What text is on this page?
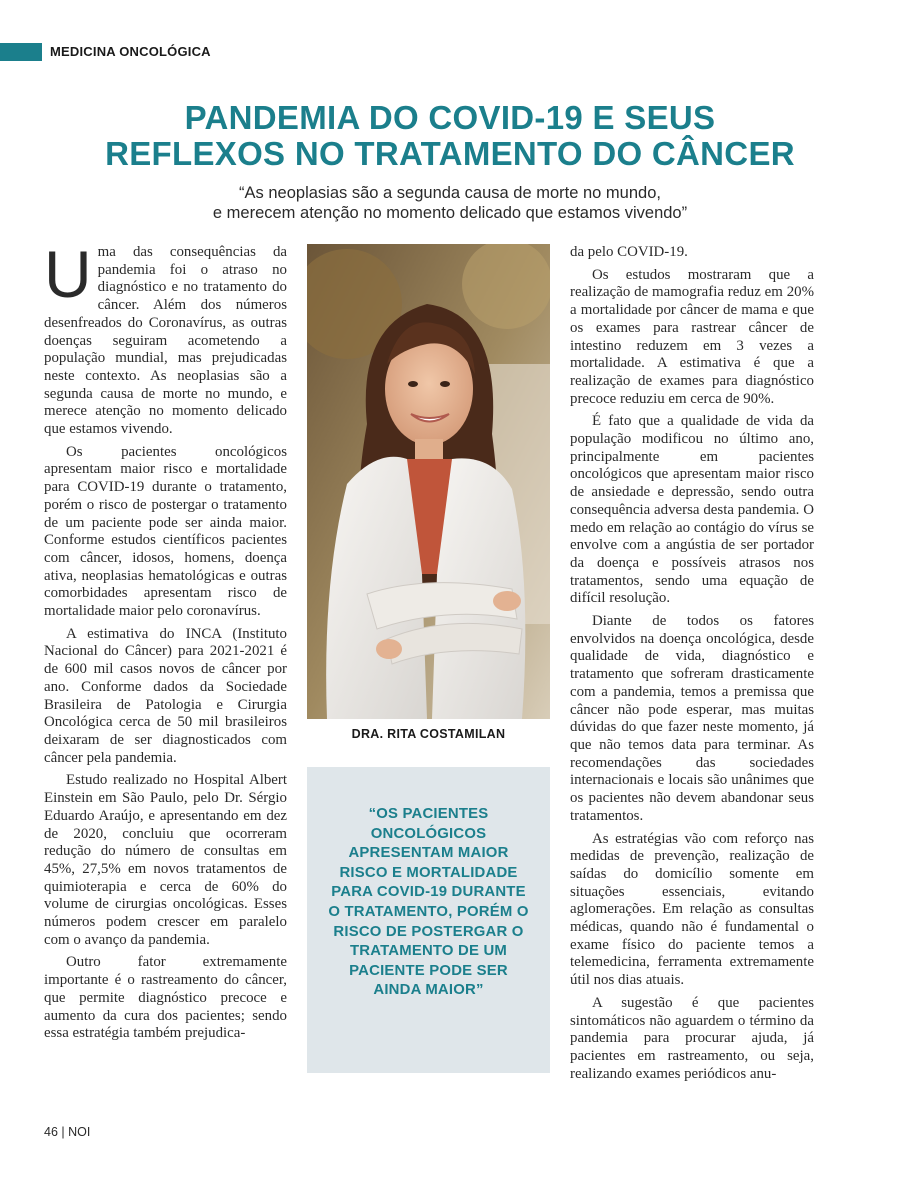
MEDICINA ONCOLÓGICA
PANDEMIA DO COVID-19 E SEUS
REFLEXOS NO TRATAMENTO DO CÂNCER
“As neoplasias são a segunda causa de morte no mundo,
e merecem atenção no momento delicado que estamos vivendo”

Uma das consequências da pandemia foi o atraso no diagnóstico e no tratamento do câncer. Além dos números desenfreados do Coronavírus, as outras doenças seguiram acometendo a população mundial, mas prejudicadas neste contexto. As neoplasias são a segunda causa de morte no mundo, e merece atenção no momento delicado que estamos vivendo.

Os pacientes oncológicos apresentam maior risco e mortalidade para COVID-19 durante o tratamento, porém o risco de postergar o tratamento de um paciente pode ser ainda maior. Conforme estudos científicos pacientes com câncer, idosos, homens, doença ativa, neoplasias hematológicas e outras comorbidades apresentam risco de mortalidade maior pelo coronavírus.

A estimativa do INCA (Instituto Nacional do Câncer) para 2021-2021 é de 600 mil casos novos de câncer por ano. Conforme dados da Sociedade Brasileira de Patologia e Cirurgia Oncológica cerca de 50 mil brasileiros deixaram de ser diagnosticados com câncer pela pandemia.

Estudo realizado no Hospital Albert Einstein em São Paulo, pelo Dr. Sérgio Eduardo Araújo, e apresentando em dez de 2020, concluiu que ocorreram redução do número de consultas em 45%, 27,5% em novos tratamentos de quimioterapia e cerca de 60% do volume de cirurgias oncológicas. Esses números podem crescer em paralelo com o avanço da pandemia.

Outro fator extremamente importante é o rastreamento do câncer, que permite diagnóstico precoce e aumento da cura dos pacientes; sendo essa estratégia também prejudica-

DRA. RITA COSTAMILAN
“OS PACIENTES ONCOLÓGICOS APRESENTAM MAIOR RISCO E MORTALIDADE PARA COVID-19 DURANTE O TRATAMENTO, PORÉM O RISCO DE POSTERGAR O TRATAMENTO DE UM PACIENTE PODE SER AINDA MAIOR”

da pelo COVID-19.

Os estudos mostraram que a realização de mamografia reduz em 20% a mortalidade por câncer de mama e que os exames para rastrear câncer de intestino reduzem em 3 vezes a mortalidade. A estimativa é que a realização de exames para diagnóstico precoce reduziu em cerca de 90%.

É fato que a qualidade de vida da população modificou no último ano, principalmente em pacientes oncológicos que apresentam maior risco de ansiedade e depressão, sendo outra consequência adversa desta pandemia. O medo em relação ao contágio do vírus se envolve com a angústia de ser portador da doença e possíveis atrasos nos tratamentos, sendo uma equação de difícil resolução.

Diante de todos os fatores envolvidos na doença oncológica, desde qualidade de vida, diagnóstico e tratamento que sofreram drasticamente com a pandemia, temos a premissa que câncer não pode esperar, mas muitas dúvidas do que fazer neste momento, já que não temos data para terminar. As recomendações das sociedades internacionais e locais são unânimes que os pacientes não devem abandonar seus tratamentos.

As estratégias vão com reforço nas medidas de prevenção, realização de saídas do domicílio somente em situações essenciais, evitando aglomerações. Em relação as consultas médicas, quando não é fundamental o exame físico do paciente temos a telemedicina, ferramenta extremamente útil nos dias atuais.

A sugestão é que pacientes sintomáticos não aguardem o término da pandemia para procurar ajuda, já pacientes em rastreamento, ou seja, realizando exames periódicos anu-

46 | NOI
